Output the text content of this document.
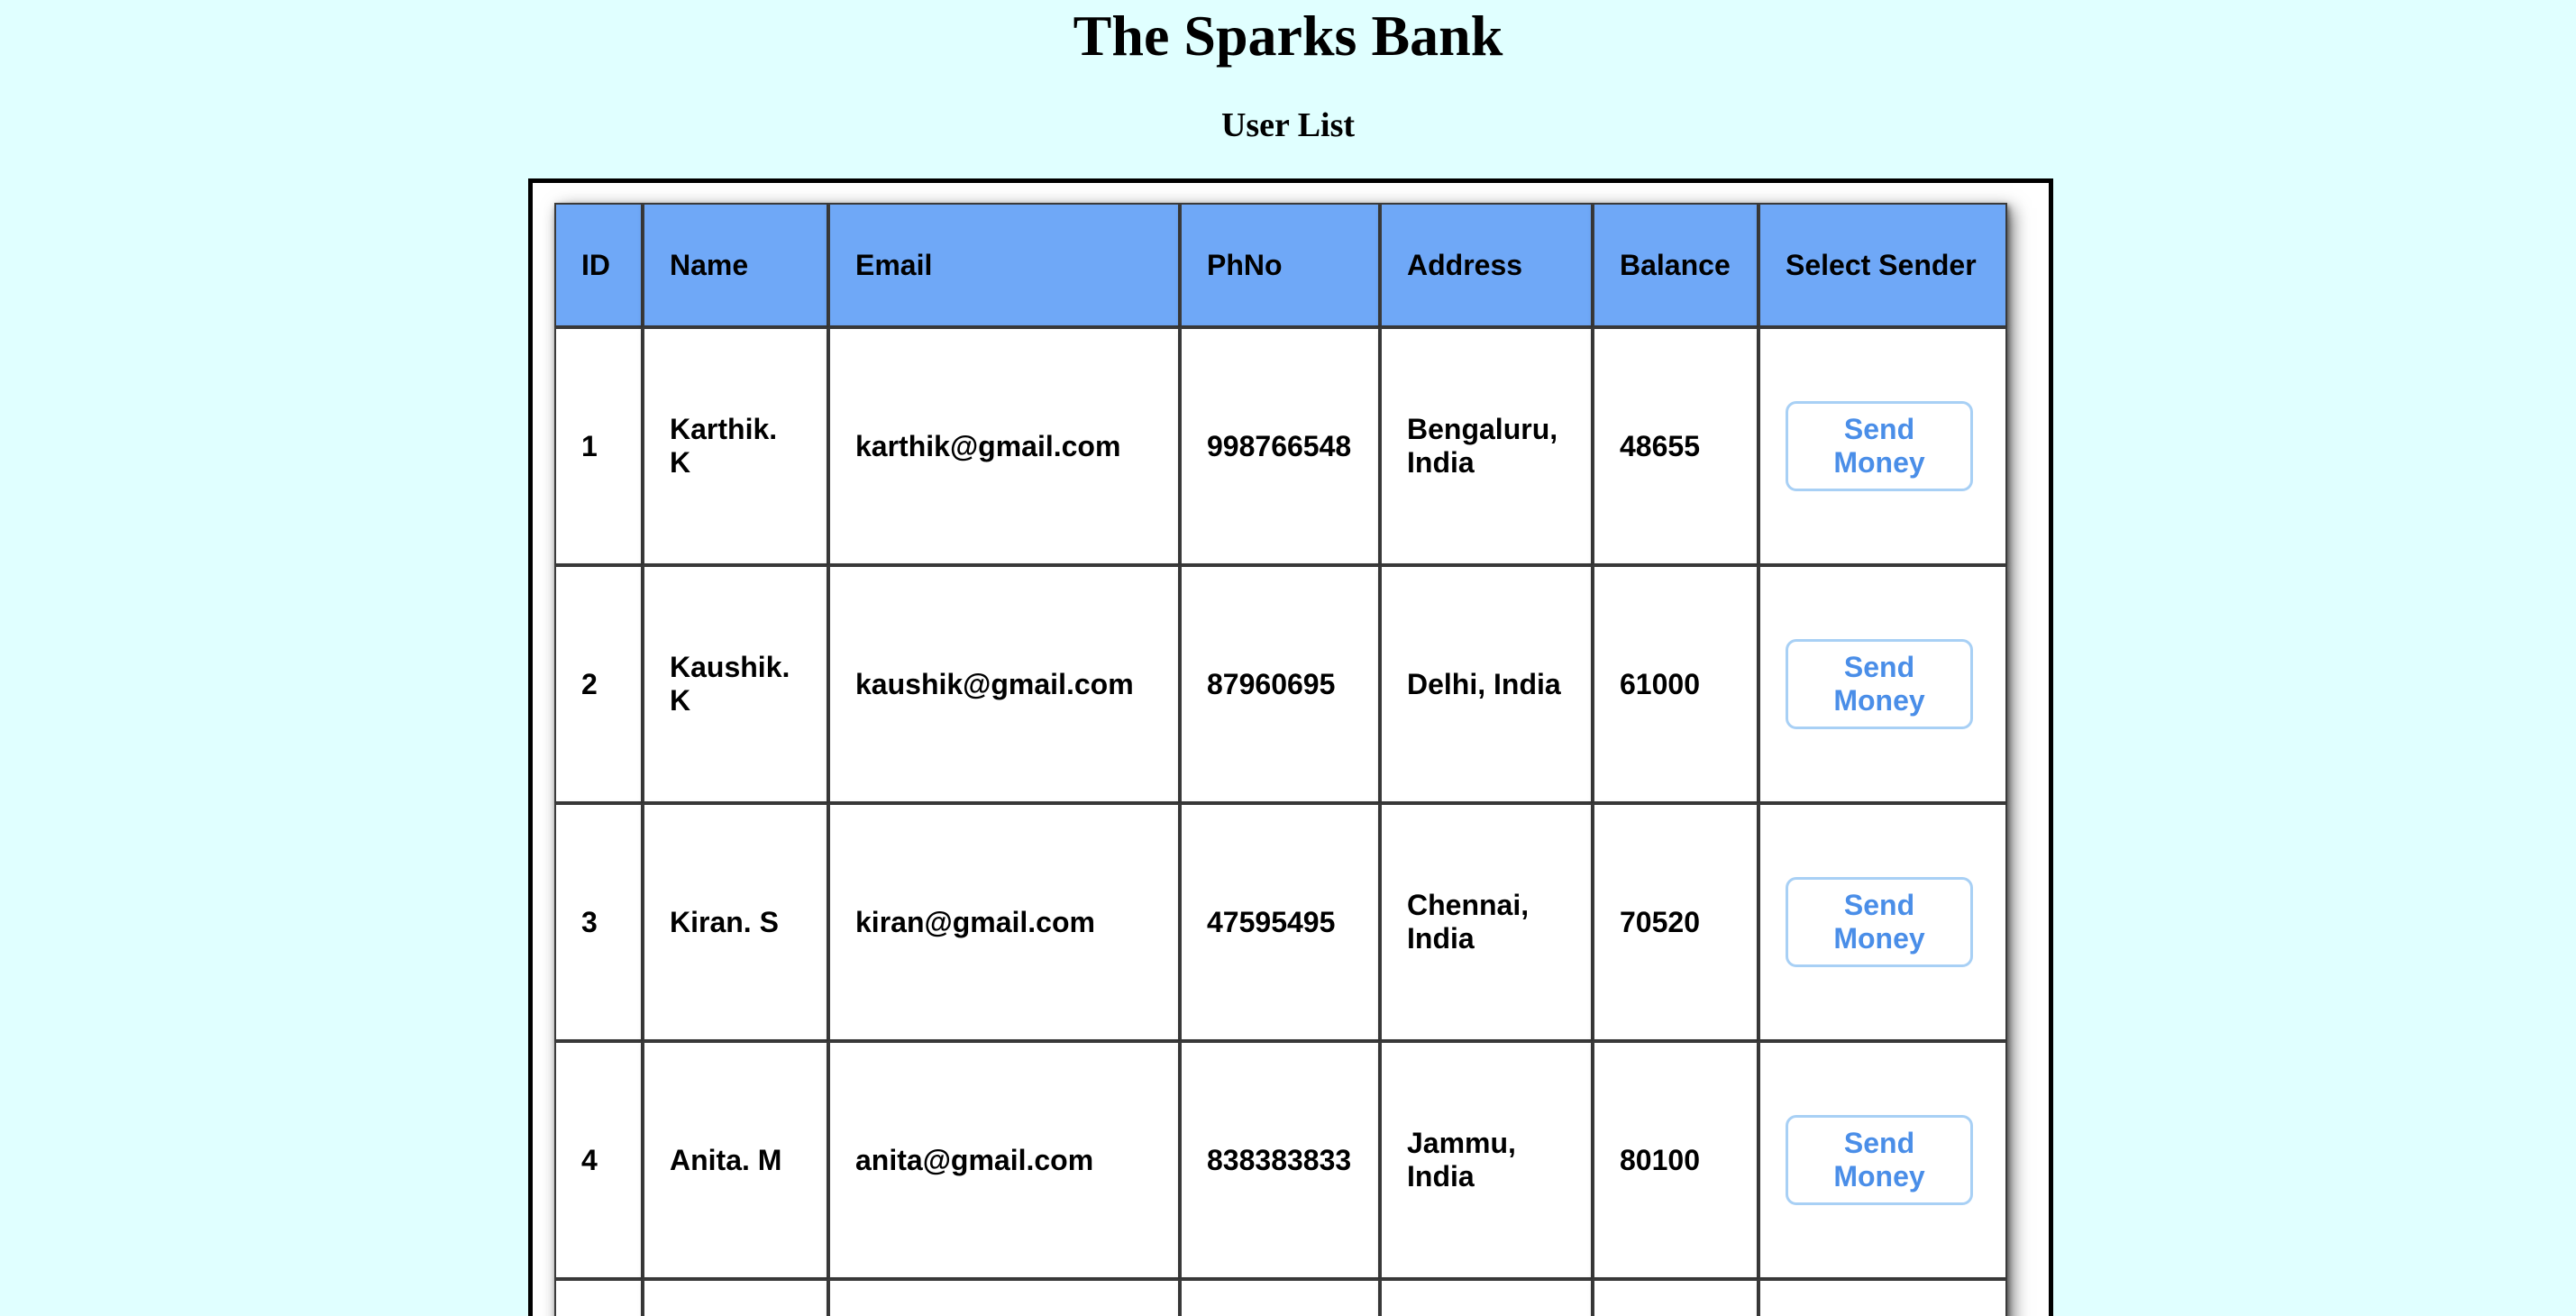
The Sparks Bank
User List
ID	Name	Email	PhNo	Address	Balance	Select Sender
1	Karthik. K	karthik@gmail.com	998766548	Bengaluru, India	48655	Send Money

2	Kaushik. K	kaushik@gmail.com	87960695	Delhi, India	61000	Send Money

3	Kiran. S	kiran@gmail.com	47595495	Chennai, India	70520	Send Money

4	Anita. M	anita@gmail.com	838383833	Jammu, India	80100	Send Money
